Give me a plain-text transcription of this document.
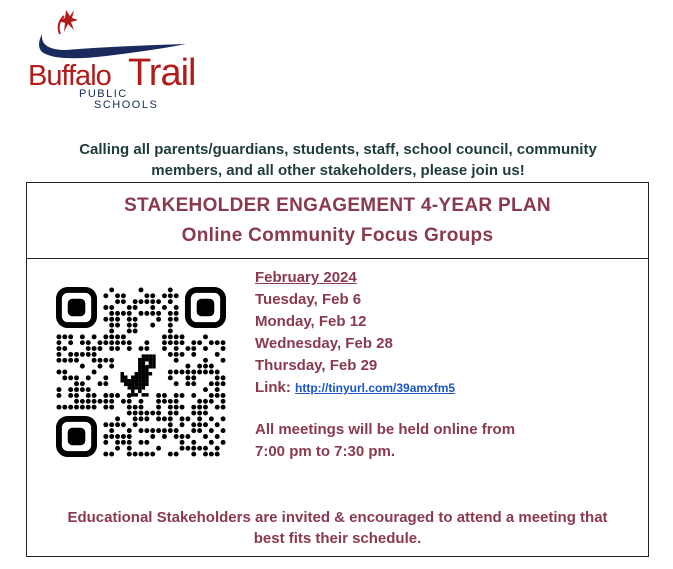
Buffalo Trail
PUBLIC
SCHOOLS
Calling all parents/guardians, students, staff, school council, community
members, and all other stakeholders, please join us!
STAKEHOLDER ENGAGEMENT 4-YEAR PLAN
Online Community Focus Groups
February 2024
Tuesday, Feb 6
Monday, Feb 12
Wednesday, Feb 28
Thursday, Feb 29
Link: http://tinyurl.com/39amxfm5
All meetings will be held online from
7:00 pm to 7:30 pm.
Educational Stakeholders are invited & encouraged to attend a meeting that
best fits their schedule.
